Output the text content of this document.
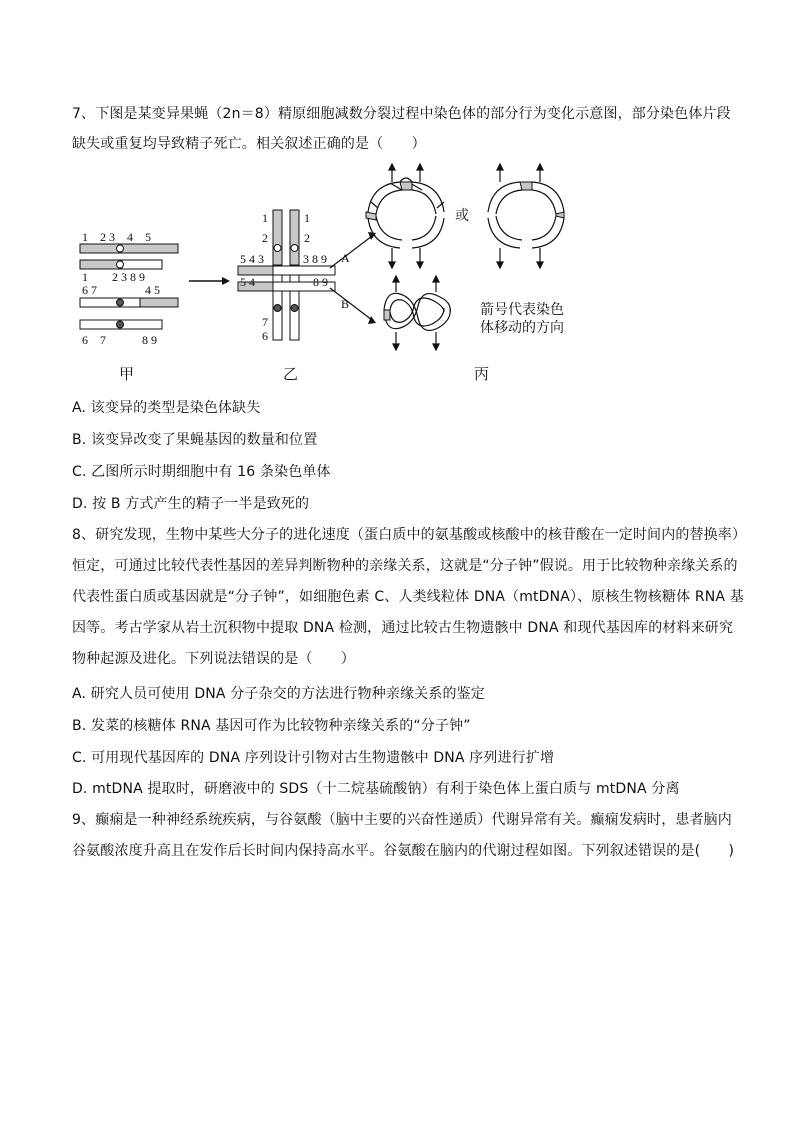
7、下图是某变异果蝇（2n＝8）精原细胞减数分裂过程中染色体的部分行为变化示意图，部分染色体片段
缺失或重复均导致精子死亡。相关叙述正确的是（　　）
1　2 3　4　5
1　　2 3 8 9
6 7　　　　4 5
6　7　　　8 9
1	1
2	2
5 4 3	3 8 9
5 4	8 9
7
6
A
B
或
箭号代表染色
体移动的方向
甲	乙	丙
A. 该变异的类型是染色体缺失
B. 该变异改变了果蝇基因的数量和位置
C. 乙图所示时期细胞中有 16 条染色单体
D. 按 B 方式产生的精子一半是致死的
8、研究发现，生物中某些大分子的进化速度（蛋白质中的氨基酸或核酸中的核苷酸在一定时间内的替换率）
恒定，可通过比较代表性基因的差异判断物种的亲缘关系，这就是“分子钟”假说。用于比较物种亲缘关系的
代表性蛋白质或基因就是“分子钟”，如细胞色素 C、人类线粒体 DNA（mtDNA）、原核生物核糖体 RNA 基
因等。考古学家从岩土沉积物中提取 DNA 检测，通过比较古生物遗骸中 DNA 和现代基因库的材料来研究
物种起源及进化。下列说法错误的是（　　）
A. 研究人员可使用 DNA 分子杂交的方法进行物种亲缘关系的鉴定
B. 发菜的核糖体 RNA 基因可作为比较物种亲缘关系的“分子钟”
C. 可用现代基因库的 DNA 序列设计引物对古生物遗骸中 DNA 序列进行扩增
D. mtDNA 提取时，研磨液中的 SDS（十二烷基硫酸钠）有利于染色体上蛋白质与 mtDNA 分离
9、癫痫是一种神经系统疾病，与谷氨酸（脑中主要的兴奋性递质）代谢异常有关。癫痫发病时，患者脑内
谷氨酸浓度升高且在发作后长时间内保持高水平。谷氨酸在脑内的代谢过程如图。下列叙述错误的是(　　)
